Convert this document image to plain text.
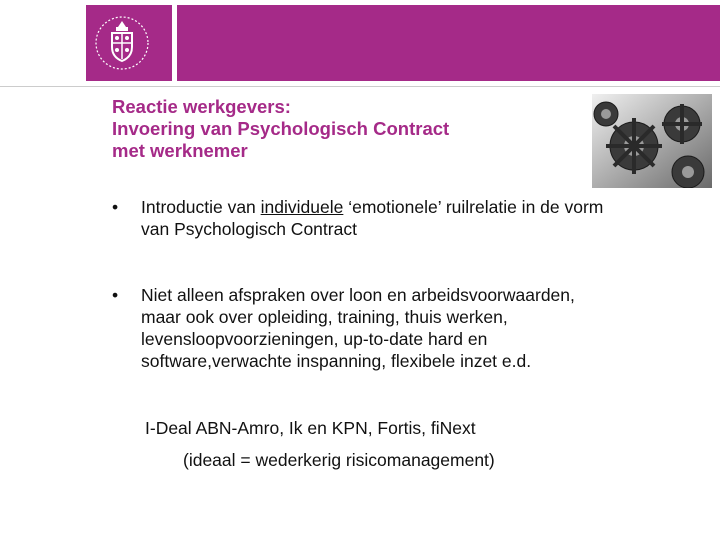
Reactie werkgevers:
Invoering van Psychologisch Contract
met werknemer
• Introductie van individuele ‘emotionele’ ruilrelatie in de vorm
van Psychologisch Contract
• Niet alleen afspraken over loon en arbeidsvoorwaarden,
maar ook over opleiding, training, thuis werken,
levensloopvoorzieningen, up-to-date hard en
software,verwachte inspanning, flexibele inzet e.d.
I-Deal ABN-Amro, Ik en KPN, Fortis, fiNext
(ideaal = wederkerig risicomanagement)
